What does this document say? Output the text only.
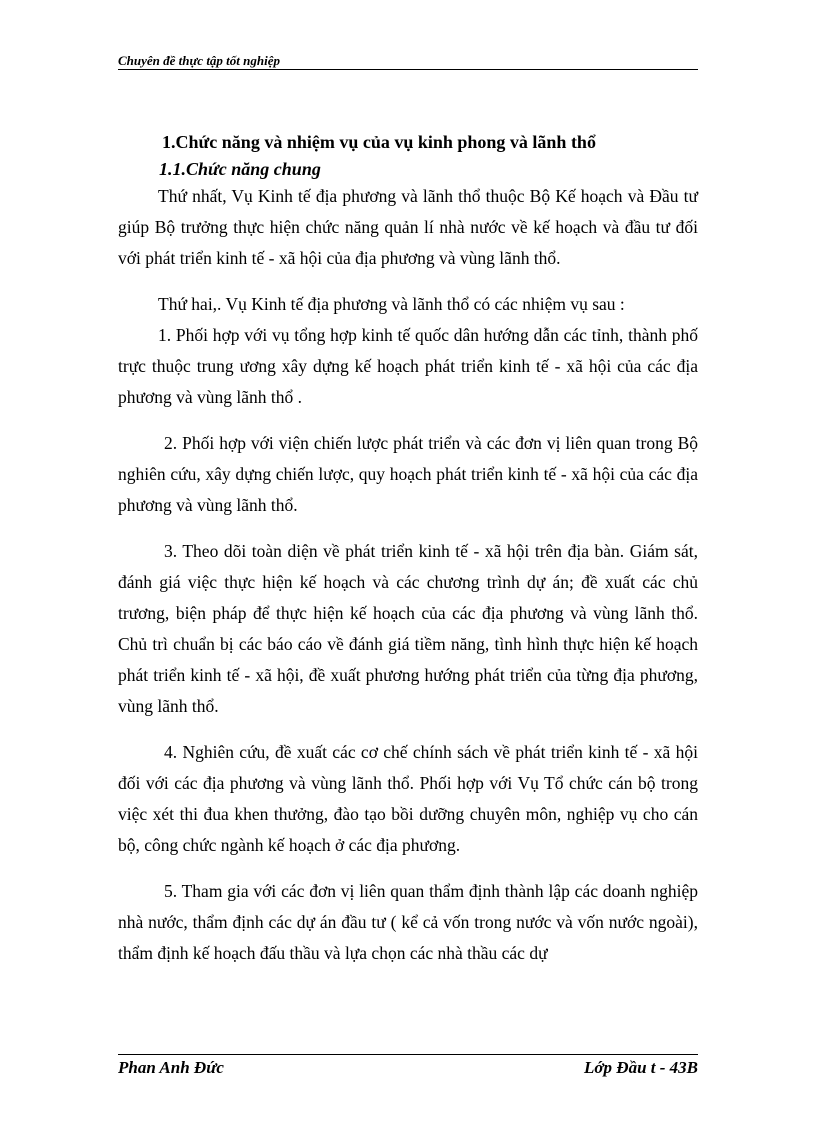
Chuyên đề thực tập tốt nghiệp
1.Chức năng và nhiệm vụ của vụ kinh phong và lãnh thổ
1.1.Chức năng chung

Thứ nhất, Vụ Kinh tế địa phương và lãnh thổ thuộc Bộ Kế hoạch và Đầu tư giúp Bộ trưởng thực hiện chức năng quản lí nhà nước về kế hoạch và đầu tư đối với phát triển kinh tế - xã hội của địa phương và vùng lãnh thổ.

Thứ hai,. Vụ Kinh tế địa phương và lãnh thổ có các nhiệm vụ sau :

1. Phối hợp với vụ tổng hợp kinh tế quốc dân hướng dẫn các tỉnh, thành phố trực thuộc trung ương xây dựng kế hoạch phát triển kinh tế - xã hội của các địa phương và vùng lãnh thổ .

2. Phối hợp với viện chiến lược phát triển và các đơn vị liên quan trong Bộ nghiên cứu, xây dựng chiến lược, quy hoạch phát triển kinh tế - xã hội của các địa phương và vùng lãnh thổ.

3. Theo dõi toàn diện về phát triển kinh tế - xã hội trên địa bàn. Giám sát, đánh giá việc thực hiện kế hoạch và các chương trình dự án; đề xuất các chủ trương, biện pháp để thực hiện kế hoạch của các địa phương và vùng lãnh thổ. Chủ trì chuẩn bị các báo cáo về đánh giá tiềm năng, tình hình thực hiện kế hoạch phát triển kinh tế - xã hội, đề xuất phương hướng phát triển của từng địa phương, vùng lãnh thổ.

4. Nghiên cứu, đề xuất các cơ chế chính sách về phát triển kinh tế - xã hội đối với các địa phương và vùng lãnh thổ. Phối hợp với Vụ Tổ chức cán bộ trong việc xét thi đua khen thưởng, đào tạo bồi dưỡng chuyên môn, nghiệp vụ cho cán bộ, công chức ngành kế hoạch ở các địa phương.

5. Tham gia với các đơn vị liên quan thẩm định thành lập các doanh nghiệp nhà nước, thẩm định các dự án đầu tư ( kể cả vốn trong nước và vốn nước ngoài), thẩm định kế hoạch đấu thầu và lựa chọn các nhà thầu các dự

Phan Anh Đức	Lớp Đầu t - 43B
